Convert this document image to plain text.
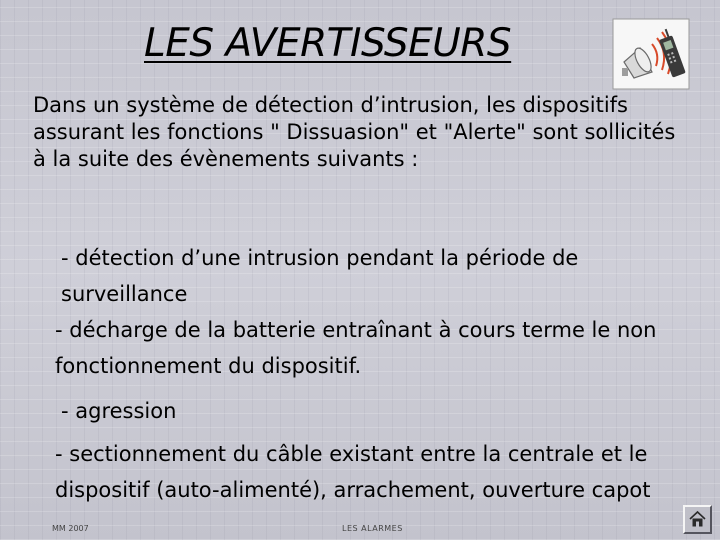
LES AVERTISSEURS

Dans un système de détection d’intrusion, les dispositifs assurant les fonctions " Dissuasion" et "Alerte" sont sollicités à la suite des évènements suivants :

- détection d’une intrusion pendant la période de surveillance

- décharge de la batterie entraînant à cours terme le non fonctionnement du dispositif.

- agression

- sectionnement du câble existant entre la centrale et le dispositif (auto-alimenté), arrachement, ouverture capot

MM 2007	LES ALARMES
